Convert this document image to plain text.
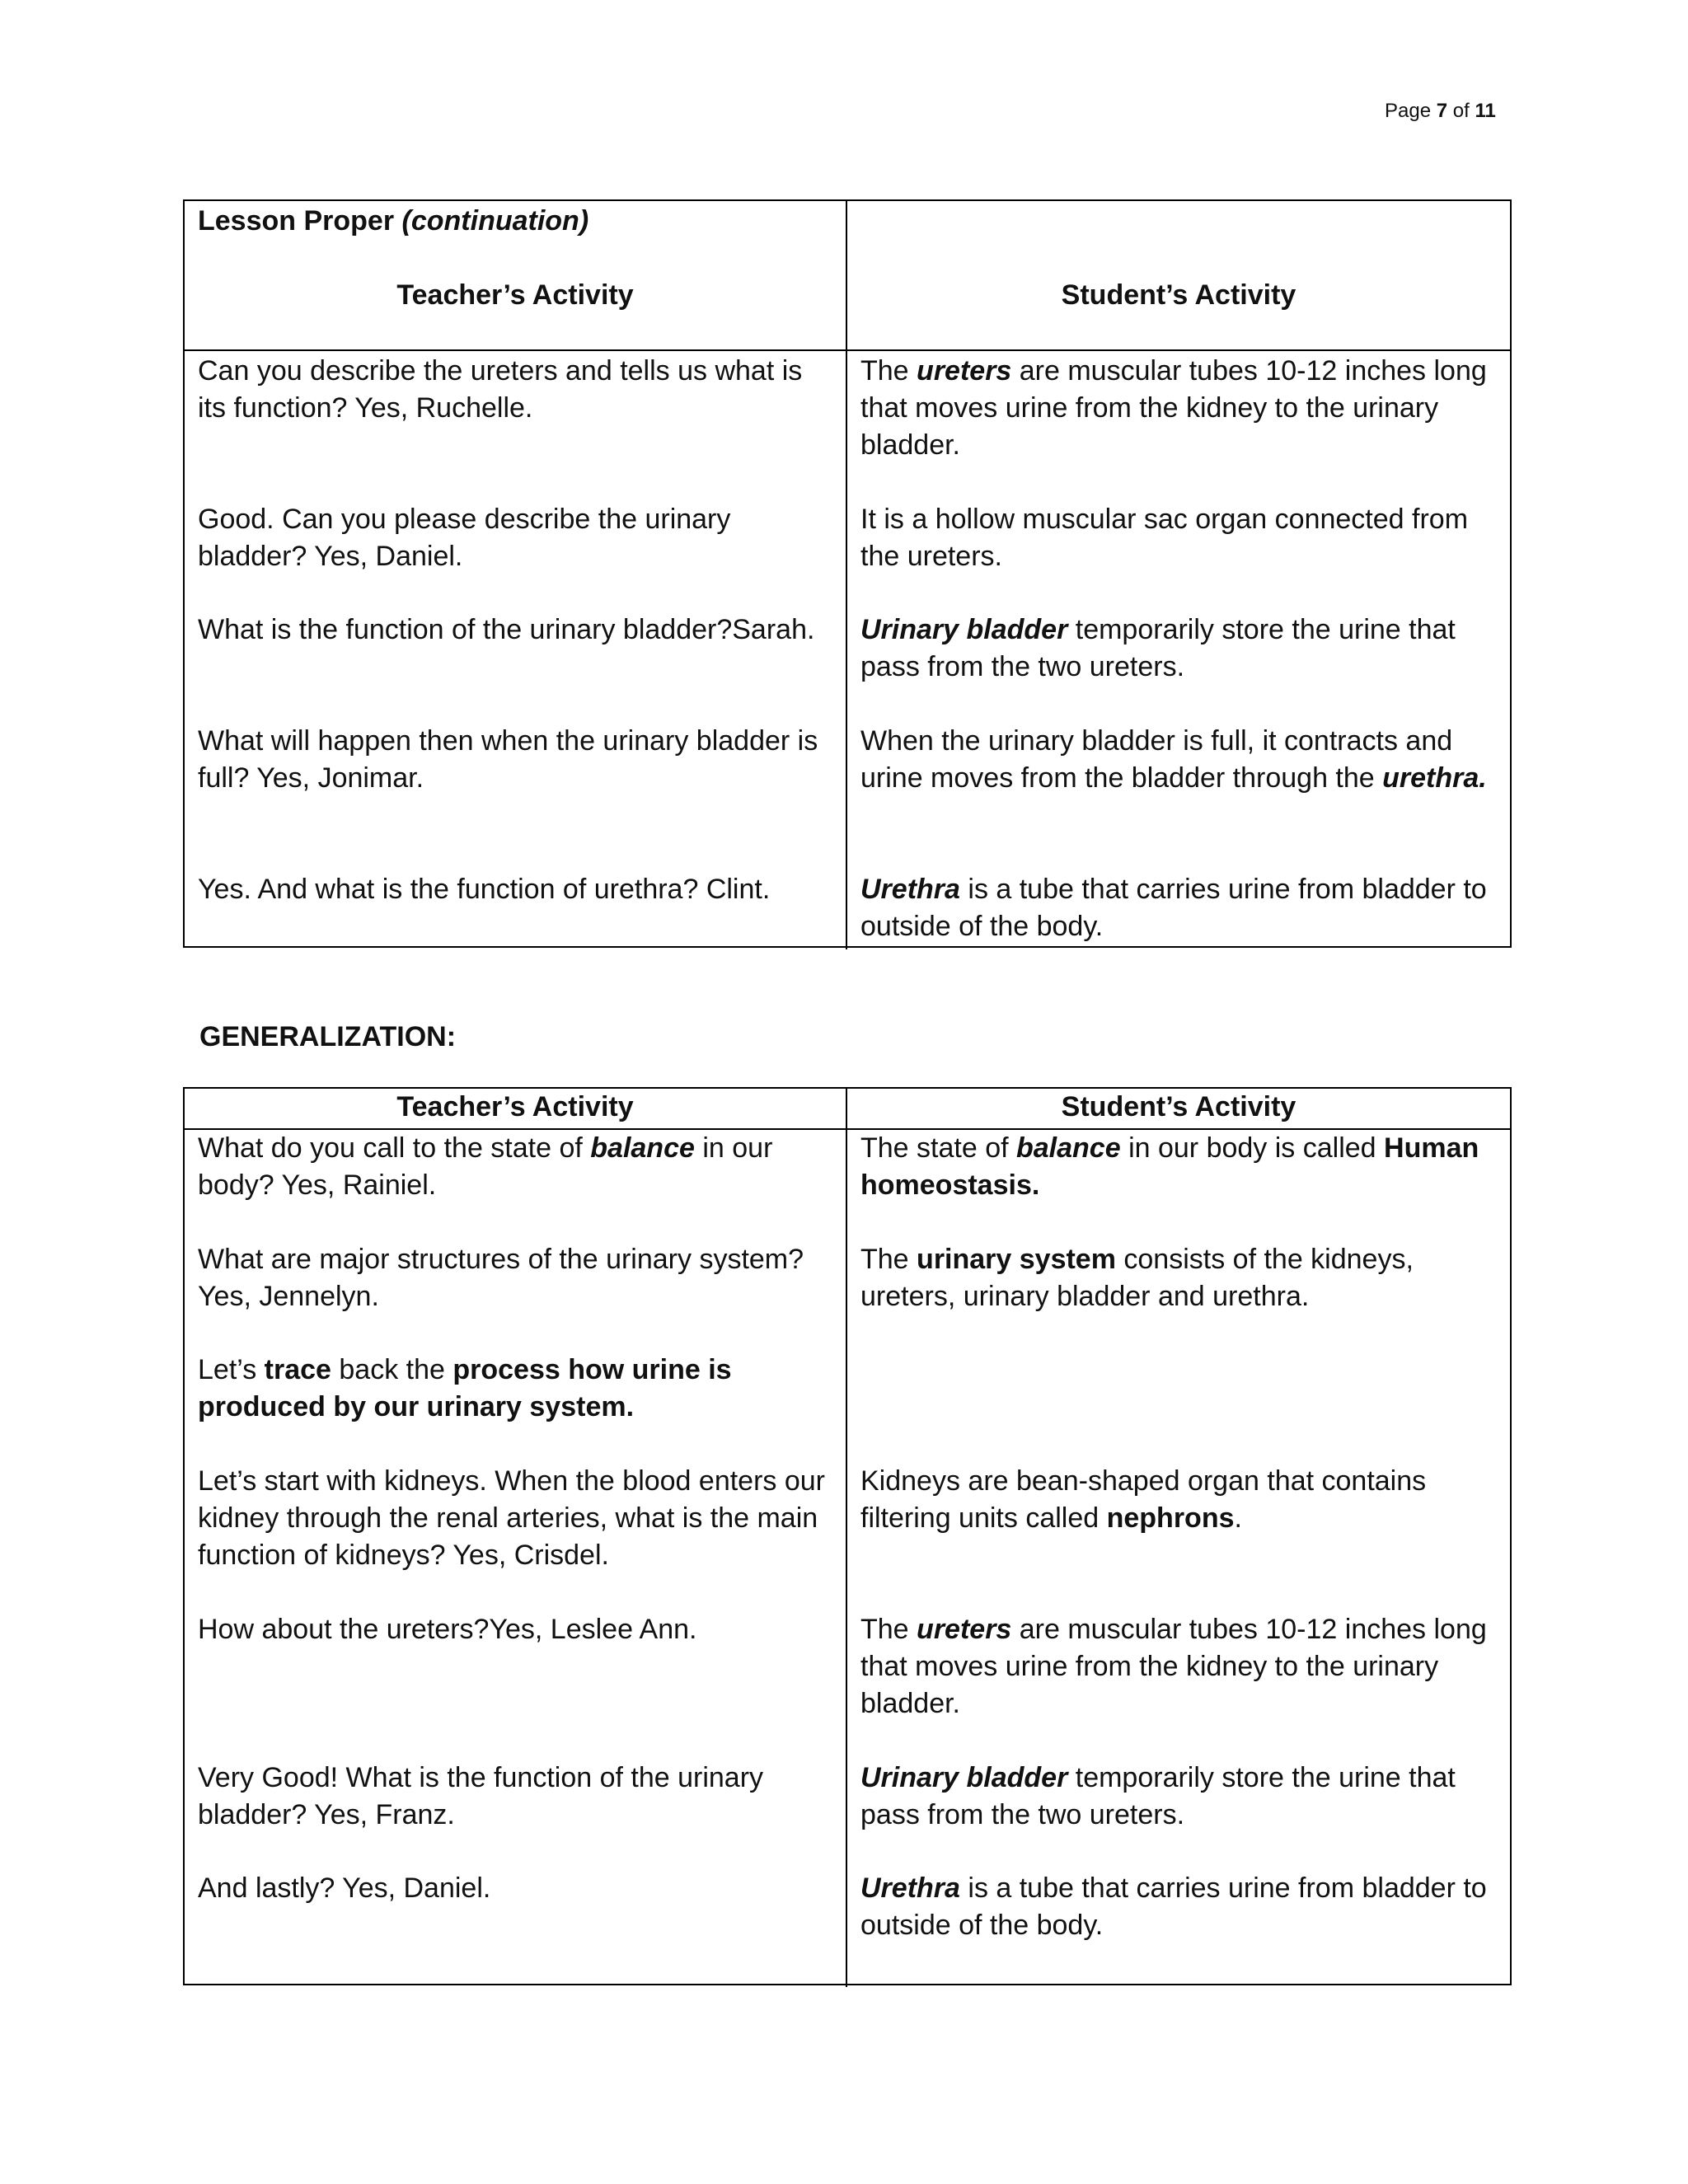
Page 7 of 11
Lesson Proper (continuation)
Teacher’s Activity	Student’s Activity
Can you describe the ureters and tells us what is its function? Yes, Ruchelle.
Good. Can you please describe the urinary bladder? Yes, Daniel.
What is the function of the urinary bladder?Sarah.
What will happen then when the urinary bladder is full? Yes, Jonimar.
Yes. And what is the function of urethra? Clint.
The ureters are muscular tubes 10-12 inches long that moves urine from the kidney to the urinary bladder.
It is a hollow muscular sac organ connected from the ureters.
Urinary bladder temporarily store the urine that pass from the two ureters.
When the urinary bladder is full, it contracts and urine moves from the bladder through the urethra.
Urethra is a tube that carries urine from bladder to outside of the body.
GENERALIZATION:
Teacher’s Activity	Student’s Activity
What do you call to the state of balance in our body? Yes, Rainiel.
What are major structures of the urinary system? Yes, Jennelyn.
Let’s trace back the process how urine is produced by our urinary system.
Let’s start with kidneys. When the blood enters our kidney through the renal arteries, what is the main function of kidneys? Yes, Crisdel.
How about the ureters?Yes, Leslee Ann.
Very Good! What is the function of the urinary bladder? Yes, Franz.
And lastly? Yes, Daniel.
The state of balance in our body is called Human homeostasis.
The urinary system consists of the kidneys, ureters, urinary bladder and urethra.
Kidneys are bean-shaped organ that contains filtering units called nephrons.
The ureters are muscular tubes 10-12 inches long that moves urine from the kidney to the urinary bladder.
Urinary bladder temporarily store the urine that pass from the two ureters.
Urethra is a tube that carries urine from bladder to outside of the body.
